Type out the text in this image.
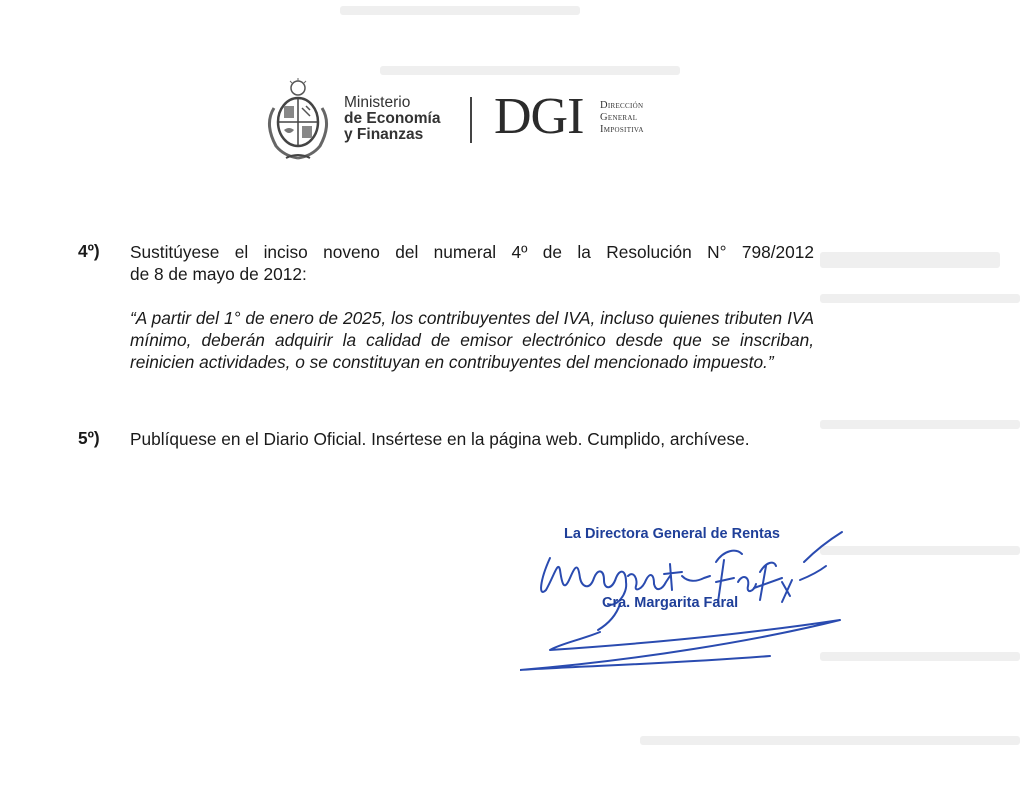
Ministerio
de Economía
y Finanzas	DGI Dirección
General
Impositiva
4º) Sustitúyese el inciso noveno del numeral 4º de la Resolución N° 798/2012
de 8 de mayo de 2012:
“A partir del 1° de enero de 2025, los contribuyentes del IVA, incluso quienes tributen IVA mínimo, deberán adquirir la calidad de emisor electrónico desde que se inscriban, reinicien actividades, o se constituyan en contribuyentes del mencionado impuesto.”
5º) Publíquese en el Diario Oficial. Insértese en la página web. Cumplido, archívese.
La Directora General de Rentas
Cra. Margarita Faral
